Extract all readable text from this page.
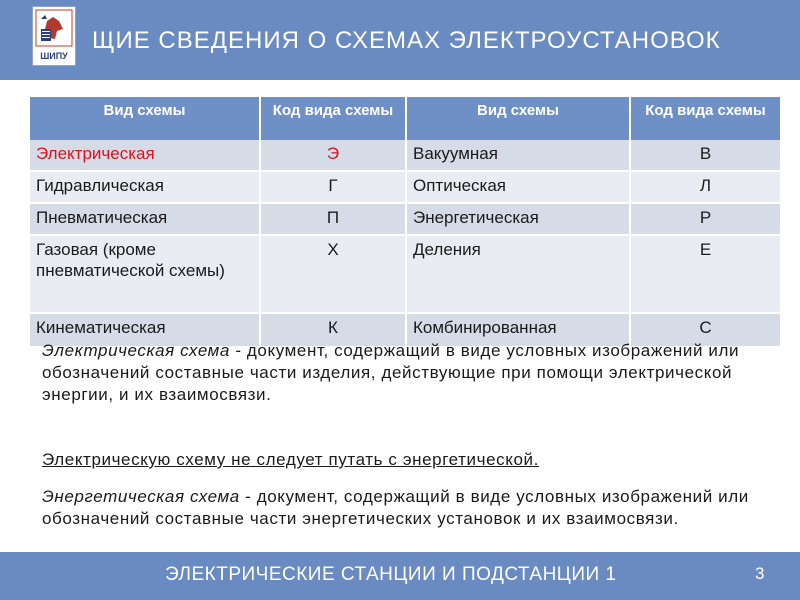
ШИПУ
ЩИЕ СВЕДЕНИЯ О СХЕМАХ ЭЛЕКТРОУСТАНОВОК
Вид схемы	Код вида схемы	Вид схемы	Код вида схемы
Электрическая	Э	Вакуумная	В
Гидравлическая	Г	Оптическая	Л
Пневматическая	П	Энергетическая	Р
Газовая (кроме пневматической схемы)	Х	Деления	Е
Кинематическая	К	Комбинированная	С
Электрическая схема - документ, содержащий в виде условных изображений или обозначений составные части изделия, действующие при помощи электрической энергии, и их взаимосвязи.
Электрическую схему не следует путать с энергетической.
Энергетическая схема - документ, содержащий в виде условных изображений или обозначений составные части энергетических установок и их взаимосвязи.
ЭЛЕКТРИЧЕСКИЕ СТАНЦИИ И ПОДСТАНЦИИ 1	3
